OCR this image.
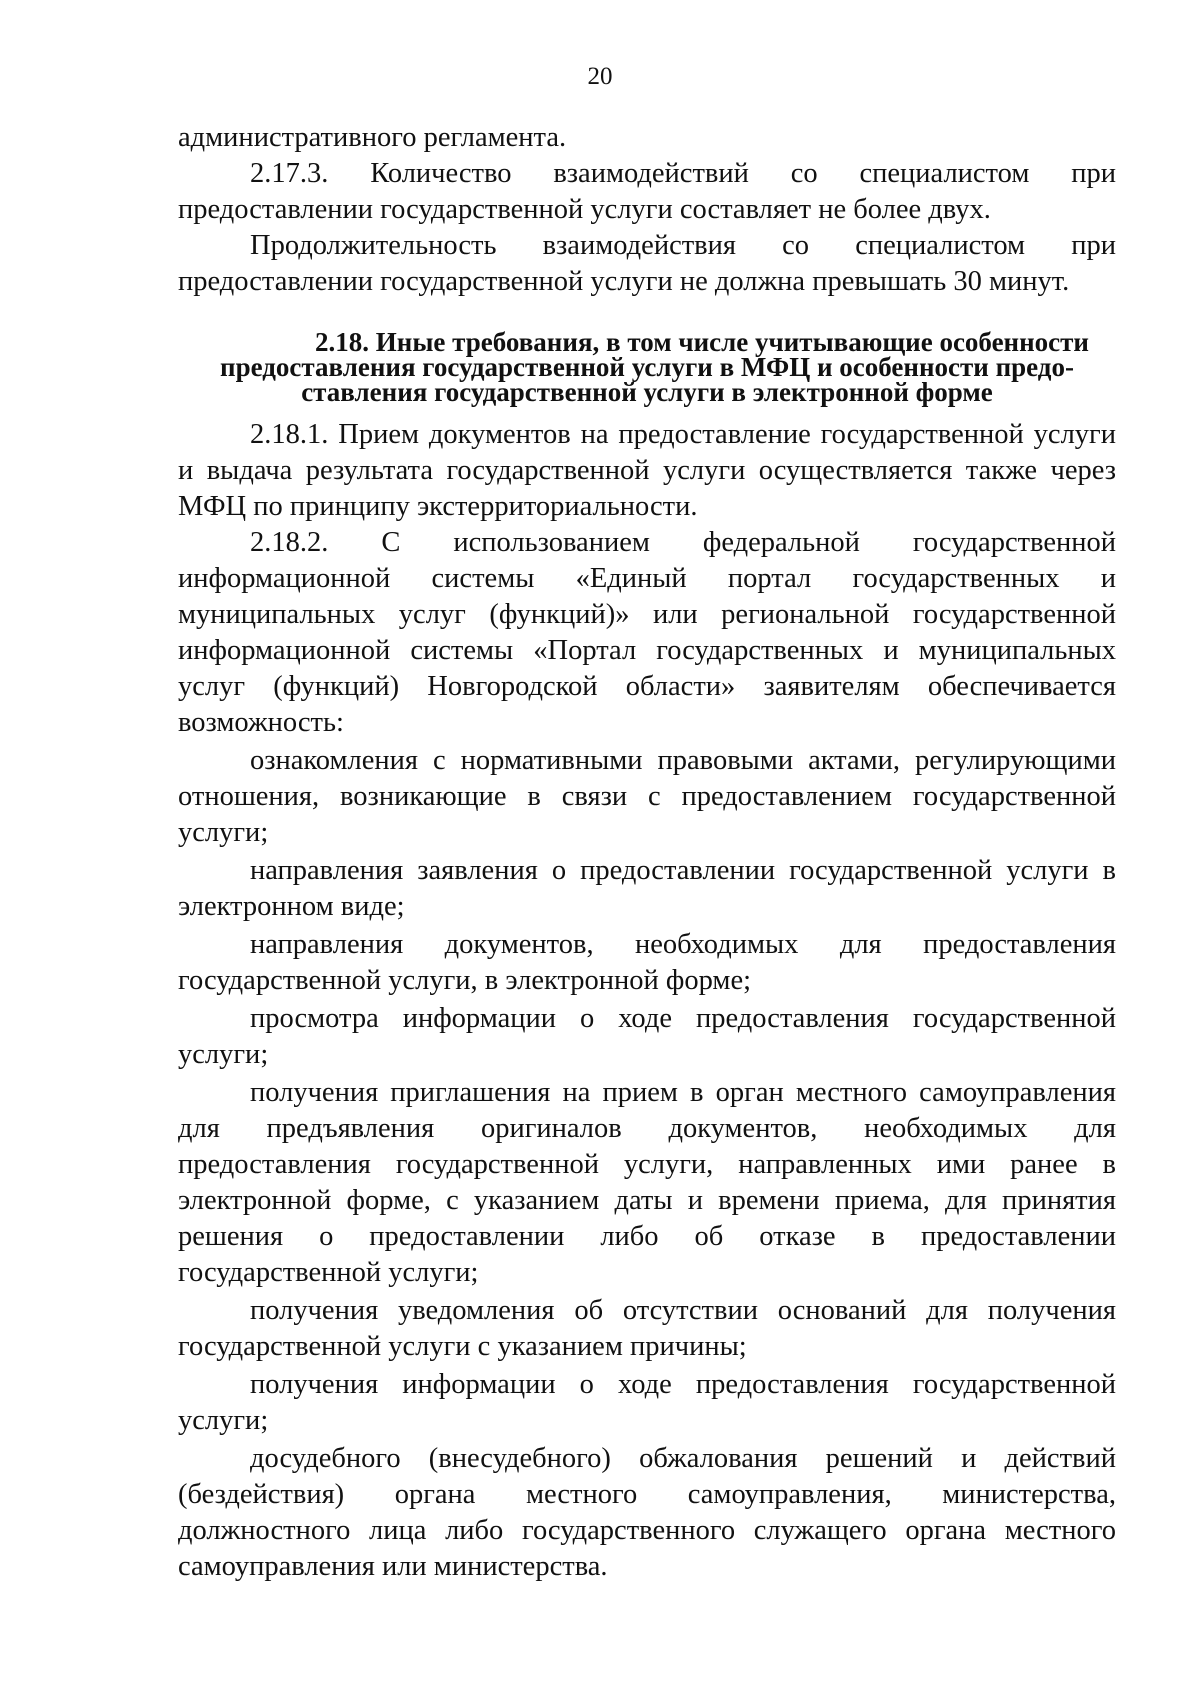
20

административного регламента.

2.17.3. Количество взаимодействий со специалистом при предоставлении государственной услуги составляет не более двух.

Продолжительность взаимодействия со специалистом при предоставлении государственной услуги не должна превышать 30 минут.

2.18. Иные требования, в том числе учитывающие особенности
предоставления государственной услуги в МФЦ и особенности предо-
ставления государственной услуги в электронной форме

2.18.1. Прием документов на предоставление государственной услуги и выдача результата государственной услуги осуществляется также через МФЦ по принципу экстерриториальности.

2.18.2. С использованием федеральной государственной информационной системы «Единый портал государственных и муниципальных услуг (функций)» или региональной государственной информационной системы «Портал государственных и муниципальных услуг (функций) Новгородской области» заявителям обеспечивается возможность:

ознакомления с нормативными правовыми актами, регулирующими отношения, возникающие в связи с предоставлением государственной услуги;

направления заявления о предоставлении государственной услуги в электронном виде;

направления документов, необходимых для предоставления государственной услуги, в электронной форме;

просмотра информации о ходе предоставления государственной услуги;

получения приглашения на прием в орган местного самоуправления для предъявления оригиналов документов, необходимых для предоставления государственной услуги, направленных ими ранее в электронной форме, с указанием даты и времени приема, для принятия решения о предоставлении либо об отказе в предоставлении государственной услуги;

получения уведомления об отсутствии оснований для получения государственной услуги с указанием причины;

получения информации о ходе предоставления государственной услуги;

досудебного (внесудебного) обжалования решений и действий (бездействия) органа местного самоуправления, министерства, должностного лица либо государственного служащего органа местного самоуправления или министерства.
